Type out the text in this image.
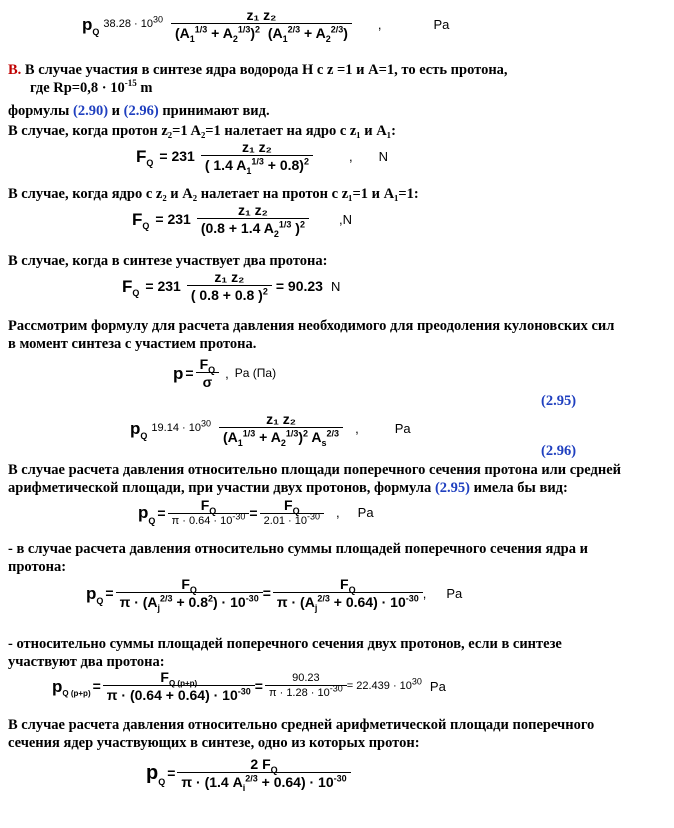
$p_Q$
$38.28 \cdot 10^{30} \frac{\text{z₁ z₂}}{(A_1^{1/3} + A_2^{1/3})^2 (A_1^{2/3} + A_2^{2/3})}$ ,	Pa
B. В случае участия в синтезе ядра водорода H с z =1 и A=1, то есть протона,
где $Rp=0,8 \cdot 10^{-15}$ m
формулы (2.90) и (2.96) принимают вид.
В случае, когда протон z₂=1 A₂=1 налетает на ядро с z₁ и A₁:
$F_Q = 231 \frac{\text{z₁ z₂}}{( 1.4 A_1^{1/3} + 0.8)^2}$	, N
В случае, когда ядро с z₂ и A₂ налетает на протон с z₁=1 и A₁=1:
$F_Q = 231 \frac{\text{z₁ z₂}}{(0.8 + 1.4 A_2^{1/3} )^2}$ , N
В случае, когда в синтезе участвует два протона:
$F_Q = 231 \frac{\text{z₁ z₂}}{( 0.8 + 0.8 )^2} = 90.23$ N
Рассмотрим формулу для расчета давления необходимого для преодоления кулоновских сил
в момент синтеза с участием протона.
$p = \frac{F_Q}{\sigma}$ , Pa (Па)
(2.95)
$p_Q$
$19.14 \cdot 10^{30} \frac{\text{z₁ z₂}}{(A_1^{1/3} + A_2^{1/3})^2 A_s^{2/3}}$ ,	Pa
(2.96)
В случае расчета давления относительно площади поперечного сечения протона или средней
арифметической площади, при участии двух протонов, формула (2.95) имела бы вид:
$p_Q = \frac{F_Q}{\pi \cdot 0.64 \cdot 10^{-30}} = \frac{F_Q}{2.01 \cdot 10^{-30}}$ , Pa
- в случае расчета давления относительно суммы площадей поперечного сечения ядра и
протона:
$p_Q = \frac{F_Q}{\pi \cdot (A_j^{2/3} + 0.8^2) \cdot 10^{-30}} = \frac{F_Q}{\pi \cdot (A_j^{2/3} + 0.64) \cdot 10^{-30}}$ , Pa
- относительно суммы площадей поперечного сечения двух протонов, если в синтезе
участвуют два протона:
$p_{Q (p+p)} = \frac{F_{Q (p+p)}}{\pi \cdot (0.64 + 0.64) \cdot 10^{-30}} = \frac{90.23}{\pi \cdot 1.28 \cdot 10^{-30}} = 22.439 \cdot 10^{30}$ Pa
В случае расчета давления относительно средней арифметической площади поперечного
сечения ядер участвующих в синтезе, одно из которых протон:
$p_Q$
= $\frac{2 F_Q}{\pi \cdot (1.4 A_i^{2/3} + 0.64) \cdot 10^{-30}}$
